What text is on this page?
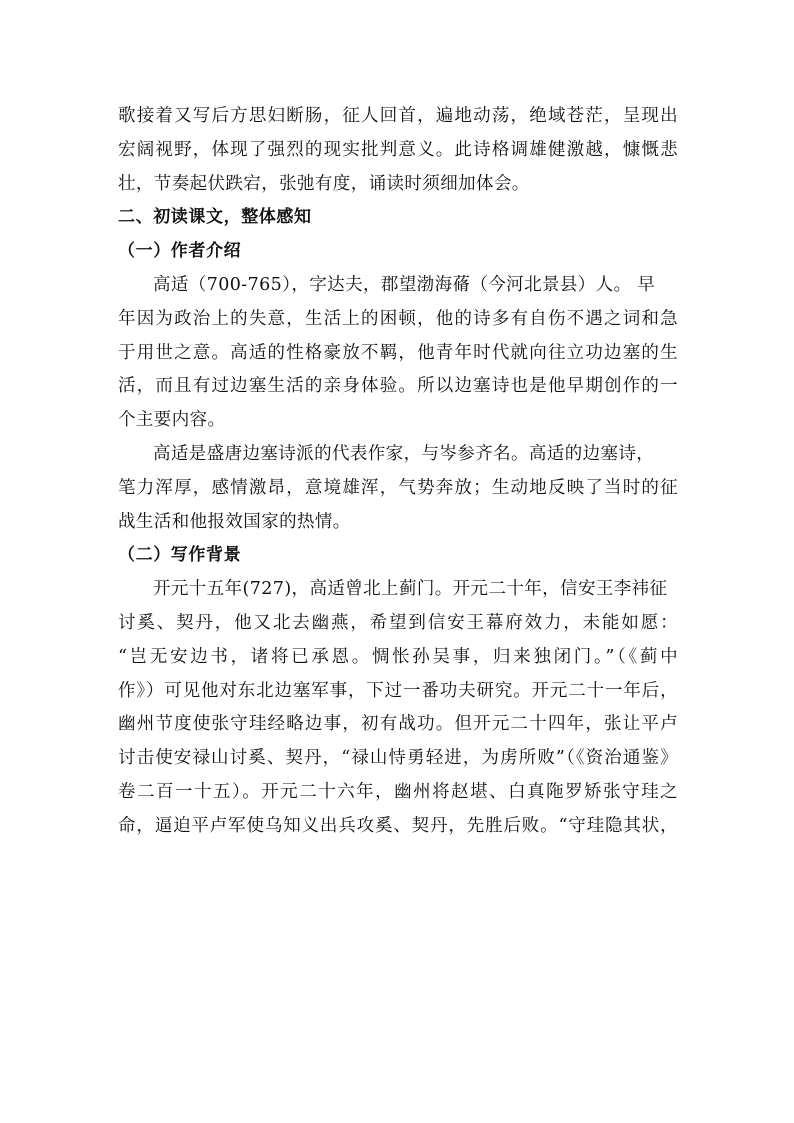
歌接着又写后方思妇断肠，征人回首，遍地动荡，绝域苍茫，呈现出
宏阔视野，体现了强烈的现实批判意义。此诗格调雄健激越，慷慨悲
壮，节奏起伏跌宕，张弛有度，诵读时须细加体会。
二、初读课文，整体感知
（一）作者介绍
高适（700-765），字达夫，郡望渤海蓨（今河北景县）人。 早
年因为政治上的失意，生活上的困顿，他的诗多有自伤不遇之词和急
于用世之意。高适的性格豪放不羁，他青年时代就向往立功边塞的生
活，而且有过边塞生活的亲身体验。所以边塞诗也是他早期创作的一
个主要内容。
高适是盛唐边塞诗派的代表作家，与岑参齐名。高适的边塞诗，
笔力浑厚，感情激昂，意境雄浑，气势奔放；生动地反映了当时的征
战生活和他报效国家的热情。
（二）写作背景
开元十五年(727)，高适曾北上蓟门。开元二十年，信安王李祎征
讨奚、契丹，他又北去幽燕，希望到信安王幕府效力，未能如愿：
“岂无安边书，诸将已承恩。惆怅孙吴事，归来独闭门。”（《蓟中
作》）可见他对东北边塞军事，下过一番功夫研究。开元二十一年后，
幽州节度使张守珪经略边事，初有战功。但开元二十四年，张让平卢
讨击使安禄山讨奚、契丹，“禄山恃勇轻进，为虏所败”（《资治通鉴》
卷二百一十五）。开元二十六年，幽州将赵堪、白真陁罗矫张守珪之
命，逼迫平卢军使乌知义出兵攻奚、契丹，先胜后败。“守珪隐其状，
